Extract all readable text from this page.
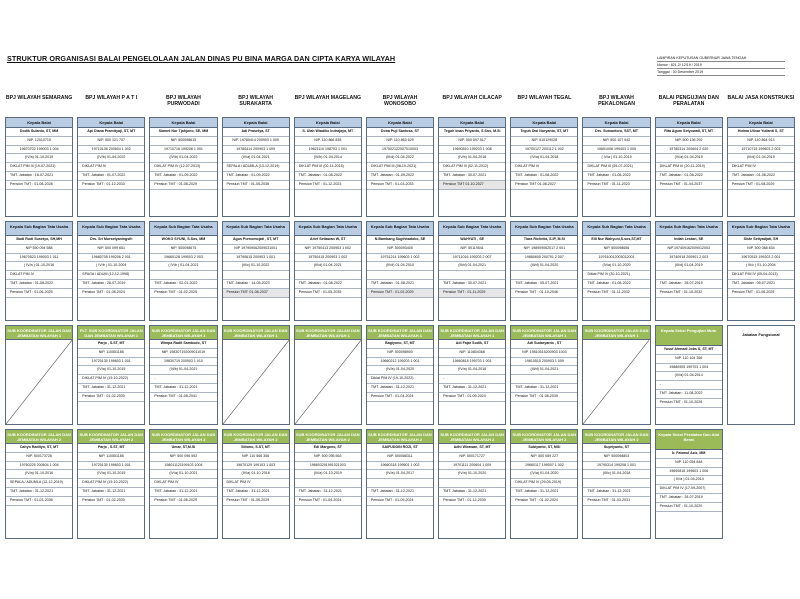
STRUKTUR ORGANISASI BALAI PENGELOLAAN JALAN DINAS PU BINA MARGA DAN CIPTA KARYA WILAYAH	LAMPIRAN KEPUTUSAN GUBERNUR JAWA TENGAH
Nomor : 821.2/ 12/19 / 2019
Tanggal : 30 Desember 2019
BPJ WILAYAH SEMARANG
Kepala Balai
Dodik Sulanto, ST, MM
NIP. 12010715
19670702 199003 1 004
(IV/a) 01-10-2019
DIKLAT PIM III (19-07-2021)
TMT. Jabatan : 16-07-2021
Pensiun TMT : 01-08-2028
Kepala Sub Bagian Tata Usaha
Budi Rudi Susetyo, SH,MH
NIP 550 094 588
19670523 199003 1 011
( IV/a ) 01-10-2016
DIKLAT PIM IV
TMT. Jabatan : 01-08-2022
Pensiun TMT : 01-06-2025
SUB KOORDINATOR JALAN DAN JEMBATAN WILAYAH 1
SUB KOORDINATOR JALAN DAN JEMBATAN WILAYAH 2
Cahyo Radityo, ST, MT
NIP. 500173726
19760225 200604 1 004
(IV/a) 01-10-2016
SEPALA / ADUMLA (12-12-2019)
TMT. Jabatan : 31-12-2021
Pensiun TMT : 01-03-2036
BPJ WILAYAH P A T I
Kepala Balai
Api Diana Pramityaji, ST, MT
NIP. 500 121 707
19710106 200604 1 002
(IV/b) 01-04-2022
DIKLAT PIM IV
TMT. Jabatan : 01-07-2022
Pensiun TMT : 01-12-2033
Kepala Sub Bagian Tata Usaha
Drs. Sri Mursetyaningsih
NIP. 500 099 651
19680705 199206 2 001
( IV/b ) 01-10-2004
SPAGA / ADUM (12-12-1998)
TMT. Jabatan : 26-07-2019
Pensiun TMT : 01-08-2024
PLT. SUB KOORDINATOR JALAN DAN JEMBATAN WILAYAH 1
Parjo , S.ST, MT
NIP. 110551185
19720130 199603 1 001
(IV/a) 01-10-2015
DIKLAT PIM IV (19-10-2022)
TMT. Jabatan : 31-12-2021
Pensiun TMT : 01-02-2030
SUB KOORDINATOR JALAN DAN JEMBATAN WILAYAH 2
Parjo , S.ST, MT
NIP. 110551185
19720130 199603 1 001
(IV/a) 01-10-2015
DIKLAT PIM IV (19-10-2022)
TMT. Jabatan : 31-12-2021
Pensiun TMT : 01-02-2030
BPJ WILAYAH PURWODADI
Kepala Balai
Slamet Nur Tjahjono, SE, MM
NIP. 500098615
19710716 199208 1 001
(IV/b) 01-04-2022
DIKLAT PIM IV (12-07-2013)
TMT. Jabatan : 01-09-2022
Pensiun TMT : 01-08-2029
Kepala Sub Bagian Tata Usaha
WOKO SYUNI, S.Sos, MM
NIP. 500098675
19660128 199003 2 003
( IV/b ) 01-04-2021
TMT. Jabatan : 02-01-2022
Pensiun TMT : 01-02-2025
SUB KOORDINATOR JALAN DAN JEMBATAN WILAYAH 1
Wimpa Radit Sambodo, ST
NIP. 198307192009011019
19830719 200903 1 010
(III/b) 01-04-2021
-
TMT. Jabatan : 31-12-2021
Pensiun TMT : 01-08-2041
SUB KOORDINATOR JALAN DAN JEMBATAN WILAYAH 2
Umar, ST,M.Si
NIP. 500 096 592
198011121199103 1004
(IV/a) 01-10-2021
DIKLAT PIM IV
TMT. Jabatan : 31-12-2021
Pensiun TMT : 01-06-2029
BPJ WILAYAH SURAKARTA
Kepala Balai
Adi Prasetya, ST
NIP. 19780414 200903 1 009
19780414 200903 1 009
(IV/a) 01-04-2021
SEPALA / ADUMLA (13-12-2019)
TMT. Jabatan : 01-09-2022
Pensiun TMT : 01-05-2036
Kepala Sub Bagian Tata Usaha
Agus Purnomojati , ST, MT
NIP 197909062009031001
19790615 200903 1 001
(III/c) 01-10-2022
TMT. Jabatan : 14-05-2023
Pensiun TMT: 01-08-2037
SUB KOORDINATOR JALAN DAN JEMBATAN WILAYAH 1
SUB KOORDINATOR JALAN DAN JEMBATAN WILAYAH 2
Siltono, S.ST, MT
NIP. 110 566 356
19670129 199103 1 003
(IV/a) 01-10-2016
DIKLAT PIM IV
TMT. Jabatan : 31-12-2021
Pensiun TMT : 01-06-2029
BPJ WILAYAH MAGELANG
Kepala Balai
S. Ulah Wiadiko Indrajaya, MT
NIP. 110 866 835
19621110 198703 1 001
(IV/b) 01-04-2014
DIKLAT PIM III (02-11-2015)
TMT. Jabatan : 01-08-2022
Pensiun TMT : 01-12-2023
Kepala Sub Bagian Tata Usaha
Arief Setiawan W, ST
NIP. 19750413 200903 1 002
19750415 200903 1 002
(III/d) 01-04-2021
TMT. Jabatan : 01-08-2022
Pensiun TMT : 01-05-2035
SUB KOORDINATOR JALAN DAN JEMBATAN WILAYAH 1
SUB KOORDINATOR JALAN DAN JEMBATAN WILAYAH 2
Edi Margono, ST
NIP. 500 095 563
196603291991021003
(IV/a) 01-10-2019
TMT. Jabatan : 31-12-2021
Pensiun TMT : 01-04-2024
BPJ WILAYAH WONOSOBO
Kepala Balai
Dona Puji Santosa, ST
NIP. 110 863 629
197502122007010003
(III/d) 01-04-2022
DIKLAT PIM III (08-10-2021)
TMT. Jabatan : 01-09-2022
Pensiun TMT : 01-03-2033
Kepala Sub Bagian Tata Usaha
N.Bambang Sugihhadoko, SE
NIP. 500093405
19751214 199603 1 002
(III/d) 01-04-2010
TMT. Jabatan : 01-08-2021
Pensiun TMT : 01-02-2029
SUB KOORDINATOR JALAN DAN JEMBATAN WILAYAH 1
Bagiyono, ST, MT
NIP. 500098900
19660212 199203 1 001
(IV/a) 01-04-2020
Diklat PIM IV (19-10-2022)
TMT. Jabatan : 31-12-2021
Pensiun TMT : 01-04-2024
SUB KOORDINATOR JALAN DAN JEMBATAN WILAYAH 2
SAIFUDDIN ROZI, ST
NIP. 500088311
19660318 199501 1 002
(IV/a) 01-04-2017
TMT. Jabatan : 31-12-2021
Pensiun TMT : 01-09-2024
BPJ WILAYAH CILACAP
Kepala Balai
Tegoh Iman Priyanto, S.Sos, M.Si
NIP. 500 097 517
19690510 199203 1 008
(IV/b) 01-04-2018
DIKLAT PIM III (02-11-2012)
TMT. Jabatan : 30-07-2021
Pensiun TMT 01-10-2027
Kepala Sub Bagian Tata Usaha
WAHYATI , SE
NIP. 50119541
19711016 199203 2 007
(III/d) 01-04-2021
TMT. Jabatan : 30-07-2021
Pensiun TMT : 01-11-2029
SUB KOORDINATOR JALAN DAN JEMBATAN WILAYAH 1
Adi Fajar Sodik, ST
NIP. 110804368
19660818 199703 1 001
(IV/a) 01-04-2018
-
TMT. Jabatan : 31-12-2021
Pensiun TMT : 01-09-2024
SUB KOORDINATOR JALAN DAN JEMBATAN WILAYAH 2
Adhi Wirawan, ST, MT
NIP. 500171727
19701111 200604 1 009
(IV/a) 01-10-2020
TMT. Jabatan : 31-12-2021
Pensiun TMT : 01-12-2030
BPJ WILAYAH TEGAL
Kepala Balai
Teguh Dwi Nuryanto, ST, MT
NIP. 510129028
19700127 200112 1 002
(IV/a) 01-04-2018
DIKLAT PIM IV
TMT. Jabatan : 01-08-2022
Pensiun TMT 01-08-2027
Kepala Sub Bagian Tata Usaha
Tiara Richella, S.IP, M.Si
NIP. 198909062017 2 001
19880605 200701 2 007
(III/d) 01-04-2020
TMT. Jabatan : 05-07-2021
Pensiun TMT : 01-10-2046
SUB KOORDINATOR JALAN DAN JEMBATAN WILAYAH 1
Adi Sudaryanto , ST
NIP. 19810515200903 1003
19810515 200903 1 009
(III/d) 01-04-2021
TMT. Jabatan : 31-12-2021
Pensiun TMT : 01-06-2039
SUB KOORDINATOR JALAN DAN JEMBATAN WILAYAH 2
Subiyanto, ST, MSi
NIP. 500 089 227
19660117 199007 1 002
(IV/a) 01-04-2020
DIKLAT PIM IV (29-05-2019)
TMT. Jabatan : 31-12-2021
Pensiun TMT : 01-02-2024
BPJ WILAYAH PEKALONGAN
Kepala Balai
Drs. Sumantoro, SST, MT
NIP. 500 107 542
19651006 199403 1 005
( IV/a ) 01-10-2019
DIKLAT PIM III (09-07-2021)
TMT. Jabatan : 01-08-2022
Pensiun TMT : 01-11-2023
Kepala Sub Bagian Tata Usaha
Elli Nur Wahyuni,S.sos,ST,MT
NIP. 500098656
197610012003012001
(IV/a) 01-10-2020
Diklat PIM IV (30-10-2021)
TMT. Jabatan : 01-08-2022
Pensiun TMT : 01-11-2032
SUB KOORDINATOR JALAN DAN JEMBATAN WILAYAH 1
SUB KOORDINATOR JALAN DAN JEMBATAN WILAYAH 2
Supriyanto, ST
NIP. 500098803
19790314 199208 1 001
(III/c) 01-04-2018
TMT. Jabatan : 31-12-2021
Pensiun TMT : 01-03-2031
BALAI PENGUJIAN DAN PERALATAN
Kepala Balai
Rita Agum Setyowati, ST, MT
NIP. 500 136 292
19780314 200604 2 020
(IV/a) 01-04-2019
DIKLAT PIM III (20-11-2019)
TMT. Jabatan : 01-08-2022
Pensiun TMT : 01-04-2037
Kepala Sub Bagian Tata Usaha
Indah Lestari, SE
NIP.197409162009012003
19740918 200901 2 003
(III/d) 01-04-2019
TMT. Jabatan : 28-07-2019
Pensiun TMT : 01-10-2032
Kepala Seksi Pengujian Mutu
Yusuf Ahmadi Jobs S, ST, MT
NIP. 110 104 356
19880905 199703 1 004
(IV/a) 01-04-2014
-
TMT. Jabatan : 11-08-2022
Pensiun TMT : 01-10-2026
Kepala Seksi Peralatan Dan Alat Berat
Ir. Fatonul Aziz, MM
NIP. 110 054 848
19690816 199603 1 006
( IV/a ) 01-04-2014
DIKLAT PIM IV (17-09-2007)
TMT. Jabatan : 28-07-2019
Pensiun TMT : 01-10-2020
BALAI JASA KONSTRUKSI
Kepala Balai
Hotma Ulinar Yulianti S, ST
NIP. 110 864 913
19710715 199603 2 003
(III/d) 01-04-2019
DIKLAT PIM IV
TMT. Jabatan : 01-08-2022
Pensiun TMT : 01-08-2029
Kepala Sub Bagian Tata Usaha
Siste Setiyadjati, SH
NIP. 500 088 834
19670515 199203 2 001
( III/c ) 01-10-2004
DIKLAT PIM IV (05-04-2013)
TMT. Jabatan : 05-07-2021
Pensiun TMT : 01-06-2025
Jabatan Fungsional
